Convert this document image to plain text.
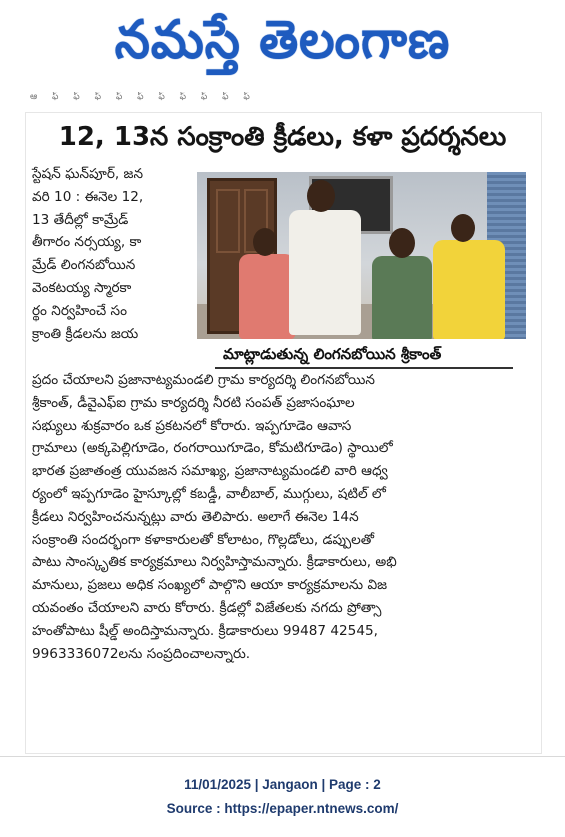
నమస్తే తెలంగాణ
ఆ ఫ్ ఫ్ ఫ్ ఫ్ ఫ్ ఫ్ ఫ్ ఫ్ ఫ్ ఫ్
12, 13న సంక్రాంతి క్రీడలు, కళా ప్రదర్శనలు

స్టేషన్ ఘన్‌పూర్, జన

వరి 10 : ఈనెల 12,

13 తేదీల్లో కామ్రేడ్

తీగారం నర్సయ్య, కా

మ్రేడ్ లింగనబోయిన

వెంకటయ్య స్మారకా

ర్థం నిర్వహించే సం

క్రాంతి క్రీడలను జయ

మాట్లాడుతున్న లింగనబోయిన శ్రీకాంత్

ప్రదం చేయాలని ప్రజానాట్యమండలి గ్రామ కార్యదర్శి లింగనబోయిన

శ్రీకాంత్, డీవైఎఫ్ఐ గ్రామ కార్యదర్శి నీరటి సంపత్ ప్రజాసంఘాల

సభ్యులు శుక్రవారం ఒక ప్రకటనలో కోరారు. ఇప్పగూడెం ఆవాస

గ్రామాలు (అక్కపెల్లిగూడెం, రంగరాయిగూడెం, కోమటిగూడెం) స్థాయిలో

భారత ప్రజాతంత్ర యువజన సమాఖ్య, ప్రజానాట్యమండలి వారి ఆధ్వ

ర్యంలో ఇప్పగూడెం హైస్కూల్లో కబడ్డీ, వాలీబాల్, ముగ్గులు, షటిల్ లో

క్రీడలు నిర్వహించనున్నట్లు వారు తెలిపారు. అలాగే ఈనెల 14న

సంక్రాంతి సందర్భంగా కళాకారులతో కోలాటం, గొల్లడోలు, డప్పులతో

పాటు సాంస్కృతిక కార్యక్రమాలు నిర్వహిస్తామన్నారు. క్రీడాకారులు, అభి

మానులు, ప్రజలు అధిక సంఖ్యలో పాల్గొని ఆయా కార్యక్రమాలను విజ

యవంతం చేయాలని వారు కోరారు. క్రీడల్లో విజేతలకు నగదు ప్రోత్సా

హంతోపాటు షీల్డ్ అందిస్తామన్నారు. క్రీడాకారులు 99487 42545,

9963336072లను సంప్రదించాలన్నారు.

11/01/2025 | Jangaon | Page : 2
Source : https://epaper.ntnews.com/
